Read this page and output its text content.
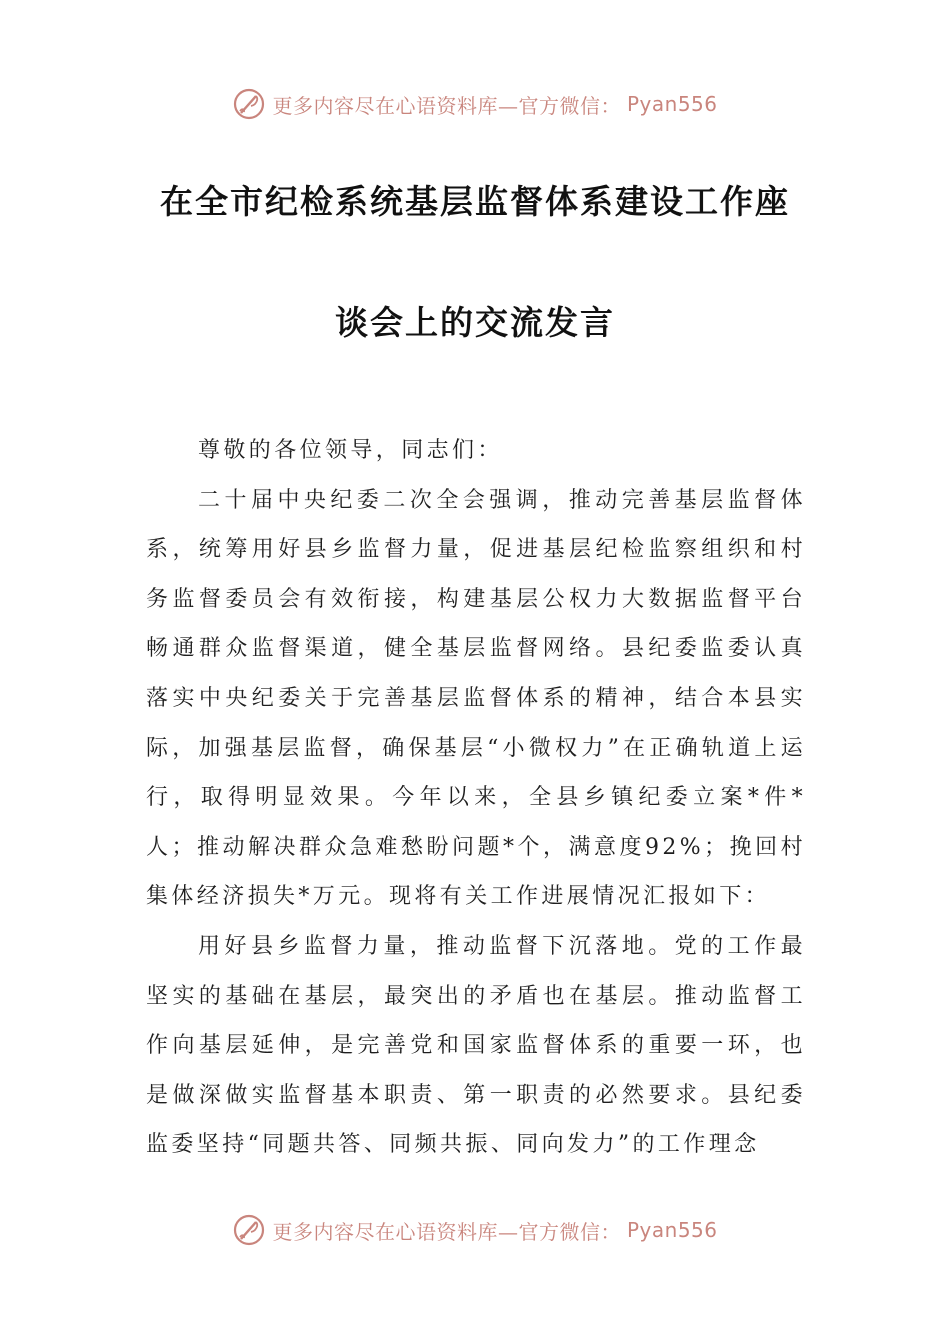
更多内容尽在心语资料库—官方微信： Pyan556
在全市纪检系统基层监督体系建设工作座
谈会上的交流发言

尊敬的各位领导，同志们：

二十届中央纪委二次全会强调，推动完善基层监督体系，统筹用好县乡监督力量，促进基层纪检监察组织和村务监督委员会有效衔接，构建基层公权力大数据监督平台畅通群众监督渠道，健全基层监督网络。县纪委监委认真落实中央纪委关于完善基层监督体系的精神，结合本县实际，加强基层监督，确保基层“小微权力”在正确轨道上运行，取得明显效果。今年以来，全县乡镇纪委立案*件*人；推动解决群众急难愁盼问题*个，满意度92%；挽回村集体经济损失*万元。现将有关工作进展情况汇报如下：

用好县乡监督力量，推动监督下沉落地。党的工作最坚实的基础在基层，最突出的矛盾也在基层。推动监督工作向基层延伸，是完善党和国家监督体系的重要一环，也是做深做实监督基本职责、第一职责的必然要求。县纪委监委坚持“同题共答、同频共振、同向发力”的工作理念

更多内容尽在心语资料库—官方微信： Pyan556
